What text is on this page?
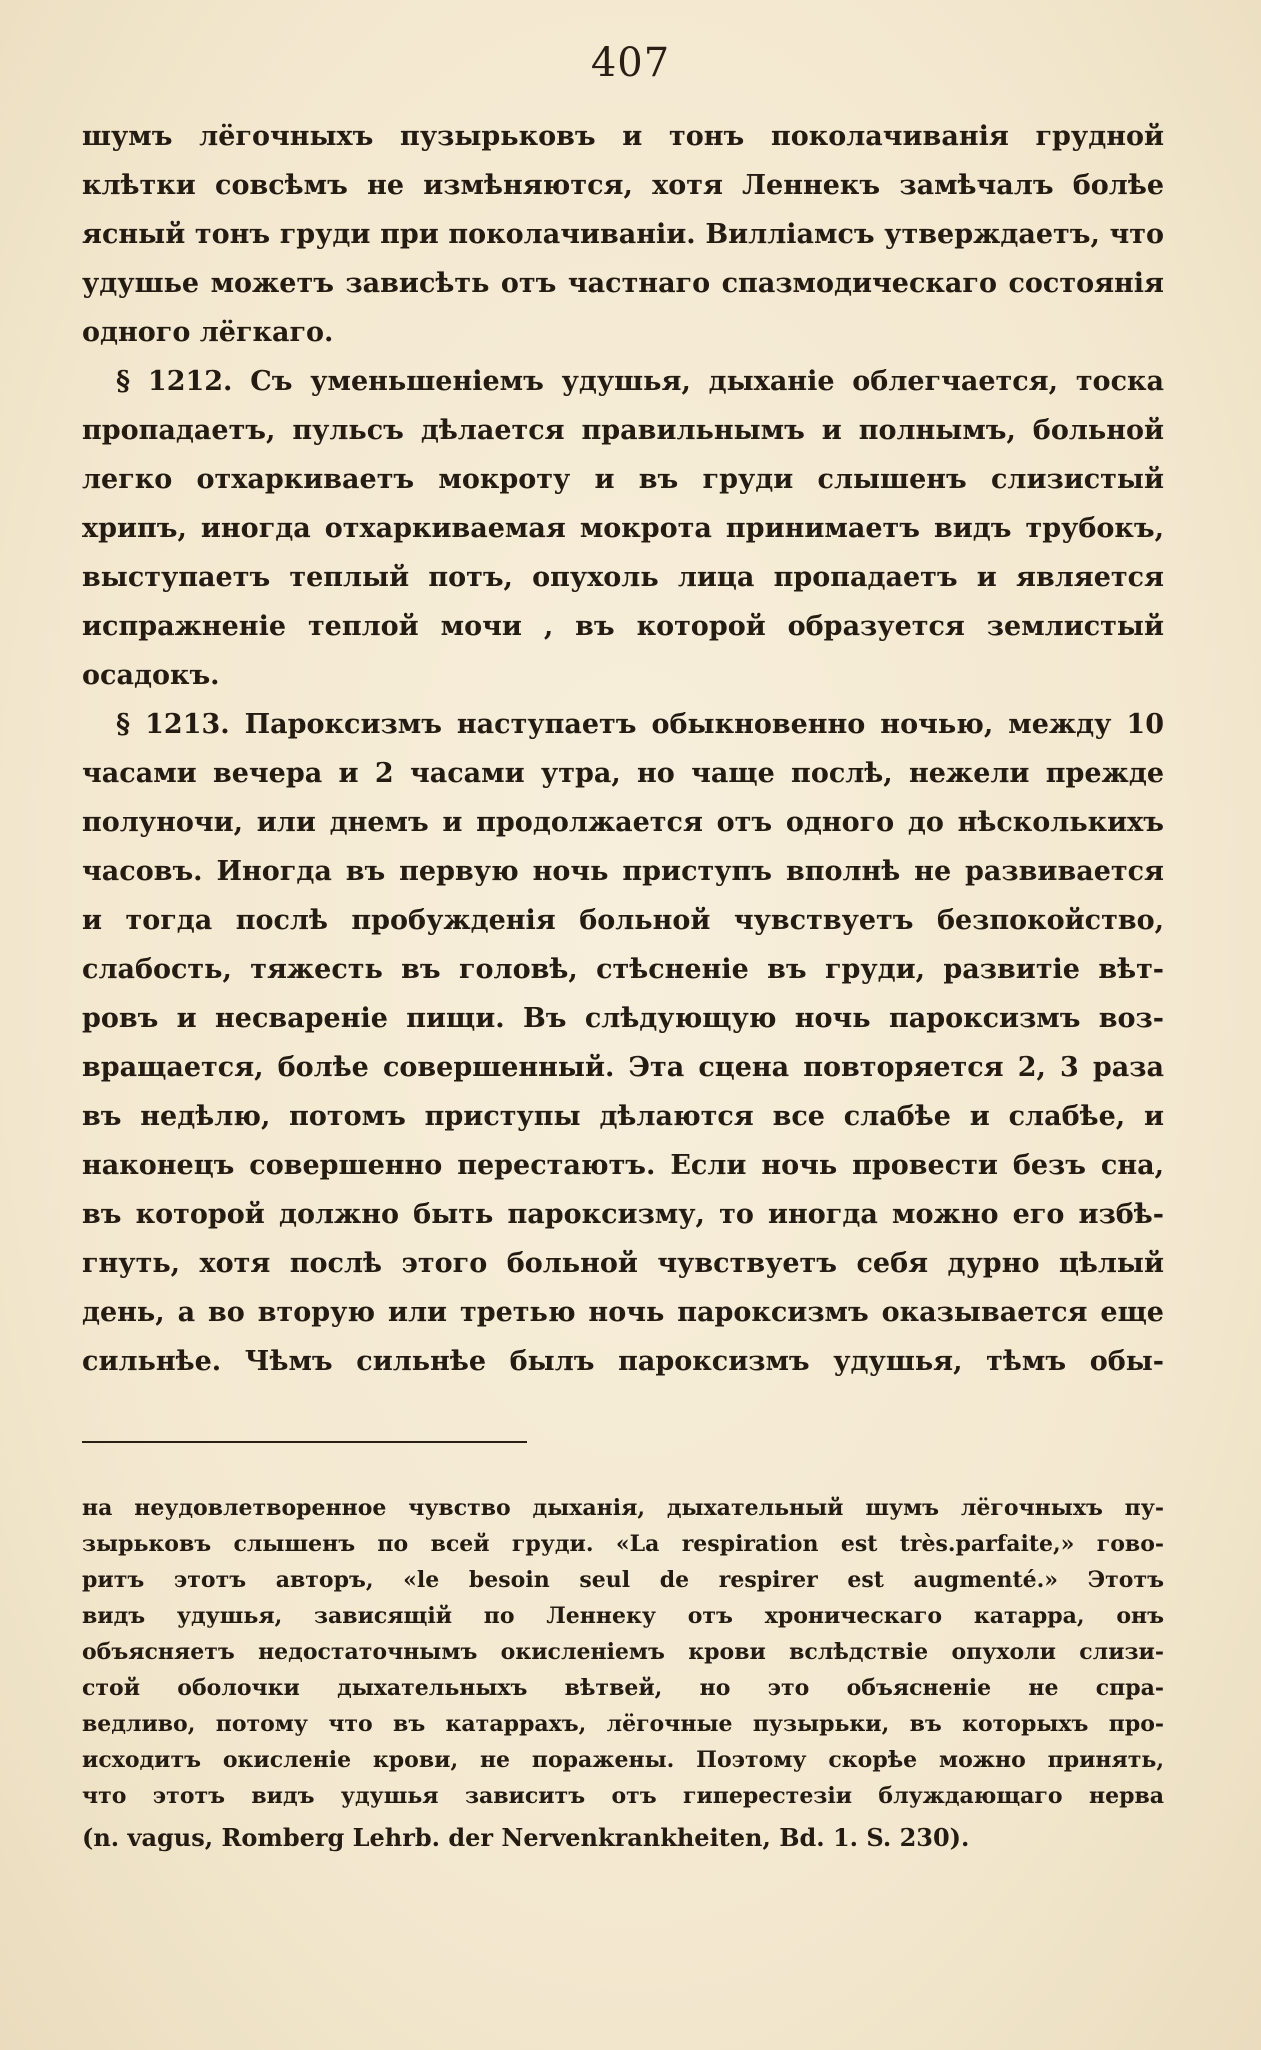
407
шумъ лёгочныхъ пузырьковъ и тонъ поколачиванія грудной
клѣтки совсѣмъ не измѣняются, хотя Леннекъ замѣчалъ болѣе
ясный тонъ груди при поколачиваніи. Вилліамсъ утверждаетъ, что
удушье можетъ зависѣть отъ частнаго спазмодическаго состоянія
одного лёгкаго.
§ 1212. Съ уменьшеніемъ удушья, дыханіе облегчается, тоска
пропадаетъ, пульсъ дѣлается правильнымъ и полнымъ, больной
легко отхаркиваетъ мокроту и въ груди слышенъ слизистый
хрипъ, иногда отхаркиваемая мокрота принимаетъ видъ трубокъ,
выступаетъ теплый потъ, опухоль лица пропадаетъ и является
испражненіе теплой мочи , въ которой образуется землистый
осадокъ.
§ 1213. Пароксизмъ наступаетъ обыкновенно ночью, между 10
часами вечера и 2 часами утра, но чаще послѣ, нежели прежде
полуночи, или днемъ и продолжается отъ одного до нѣсколькихъ
часовъ. Иногда въ первую ночь приступъ вполнѣ не развивается
и тогда послѣ пробужденія больной чувствуетъ безпокойство,
слабость, тяжесть въ головѣ, стѣсненіе въ груди, развитіе вѣт-
ровъ и несвареніе пищи. Въ слѣдующую ночь пароксизмъ воз-
вращается, болѣе совершенный. Эта сцена повторяется 2, 3 раза
въ недѣлю, потомъ приступы дѣлаются все слабѣе и слабѣе, и
наконецъ совершенно перестаютъ. Если ночь провести безъ сна,
въ которой должно быть пароксизму, то иногда можно его избѣ-
гнуть, хотя послѣ этого больной чувствуетъ себя дурно цѣлый
день, а во вторую или третью ночь пароксизмъ оказывается еще
сильнѣе. Чѣмъ сильнѣе былъ пароксизмъ удушья, тѣмъ обы-
на неудовлетворенное чувство дыханія, дыхательный шумъ лёгочныхъ пу-
зырьковъ слышенъ по всей груди. «La respiration est très.parfaite,» гово-
ритъ этотъ авторъ, «le besoin seul de respirer est augmenté.» Этотъ
видъ удушья, зависящій по Леннеку отъ хроническаго катарра, онъ
объясняетъ недостаточнымъ окисленіемъ крови вслѣдствіе опухоли слизи-
стой оболочки дыхательныхъ вѣтвей, но это объясненіе не спра-
ведливо, потому что въ катаррахъ, лёгочные пузырьки, въ которыхъ про-
исходитъ окисленіе крови, не поражены. Поэтому скорѣе можно принять,
что этотъ видъ удушья зависитъ отъ гиперестезіи блуждающаго нерва
(n. vagus, Romberg Lehrb. der Nervenkrankheiten, Bd. 1. S. 230).
